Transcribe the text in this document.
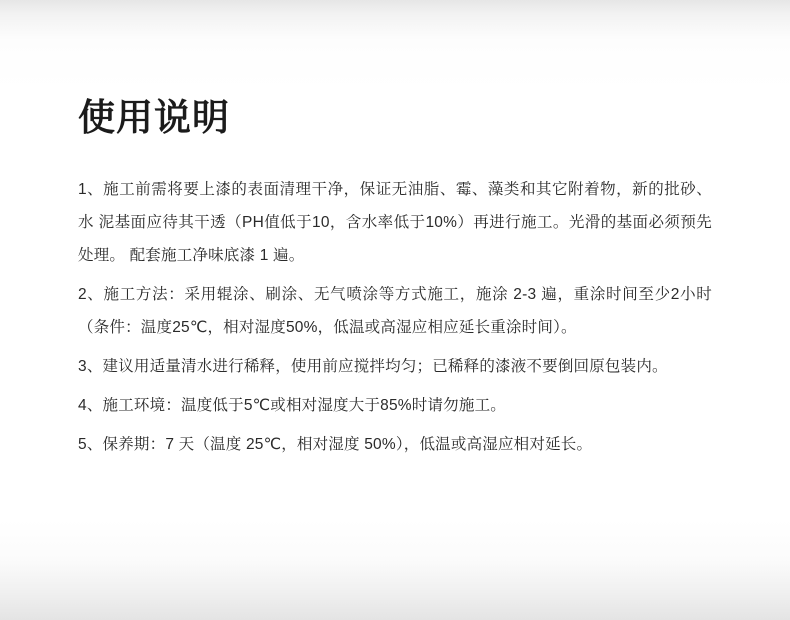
使用说明

1、施工前需将要上漆的表面清理干净，保证无油脂、霉、藻类和其它附着物，新的批砂、水 泥基面应待其干透（PH值低于10，含水率低于10%）再进行施工。光滑的基面必须预先处理。 配套施工净味底漆 1 遍。

2、施工方法：采用辊涂、刷涂、无气喷涂等方式施工，施涂 2-3 遍，重涂时间至少2小时（条件：温度25℃，相对湿度50%，低温或高湿应相应延长重涂时间）。

3、建议用适量清水进行稀释，使用前应搅拌均匀；已稀释的漆液不要倒回原包装内。

4、施工环境：温度低于5℃或相对湿度大于85%时请勿施工。

5、保养期：7 天（温度 25℃，相对湿度 50%），低温或高湿应相对延长。
